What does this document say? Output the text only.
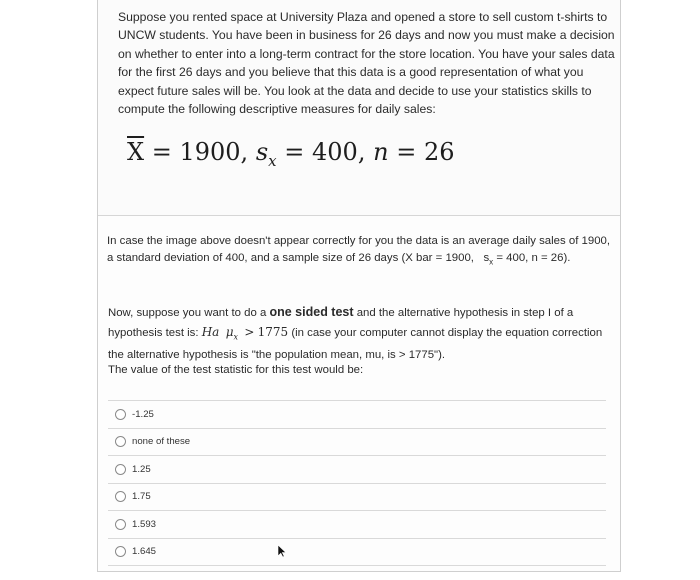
Suppose you rented space at University Plaza and opened a store to sell custom t-shirts to UNCW students. You have been in business for 26 days and now you must make a decision on whether to enter into a long-term contract for the store location. You have your sales data for the first 26 days and you believe that this data is a good representation of what you expect future sales will be. You look at the data and decide to use your statistics skills to compute the following descriptive measures for daily sales:
$\overline{X} = 1900$, $s_x = 400$, n = 26
In case the image above doesn't appear correctly for you the data is an average daily sales of 1900, a standard deviation of 400, and a sample size of 26 days (X bar = 1900, $s_x = 400$, n = 26).
Now, suppose you want to do a one sided test and the alternative hypothesis in step I of a hypothesis test is: Ha $\mu_x > 1775$ (in case your computer cannot display the equation correction the alternative hypothesis is "the population mean, mu, is > 1775").
The value of the test statistic for this test would be:
-1.25
none of these
1.25
1.75
1.593
1.645
